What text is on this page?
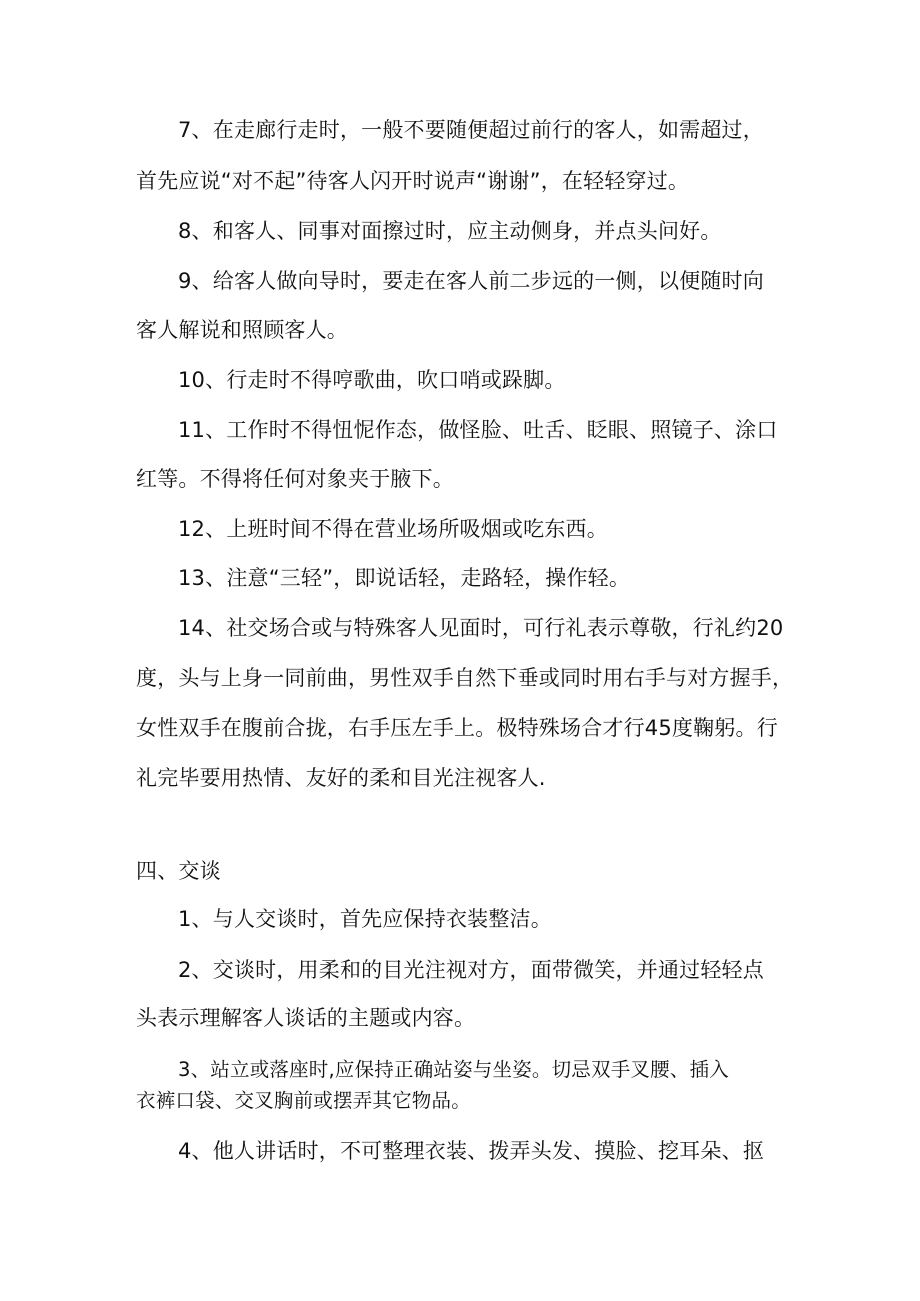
7、在走廊行走时，一般不要随便超过前行的客人，如需超过，
首先应说“对不起”待客人闪开时说声“谢谢”，在轻轻穿过。
8、和客人、同事对面擦过时，应主动侧身，并点头问好。
9、给客人做向导时，要走在客人前二步远的一侧，以便随时向
客人解说和照顾客人。
10、行走时不得哼歌曲，吹口哨或跺脚。
11、工作时不得忸怩作态，做怪脸、吐舌、眨眼、照镜子、涂口
红等。不得将任何对象夹于腋下。
12、上班时间不得在营业场所吸烟或吃东西。
13、注意“三轻”，即说话轻，走路轻，操作轻。
14、社交场合或与特殊客人见面时，可行礼表示尊敬，行礼约20
度，头与上身一同前曲，男性双手自然下垂或同时用右手与对方握手，
女性双手在腹前合拢，右手压左手上。极特殊场合才行45度鞠躬。行
礼完毕要用热情、友好的柔和目光注视客人.
四、交谈
1、与人交谈时，首先应保持衣装整洁。
2、交谈时，用柔和的目光注视对方，面带微笑，并通过轻轻点
头表示理解客人谈话的主题或内容。
3、站立或落座时,应保持正确站姿与坐姿。切忌双手叉腰、插入
衣裤口袋、交叉胸前或摆弄其它物品。
4、他人讲话时，不可整理衣装、拨弄头发、摸脸、挖耳朵、抠
